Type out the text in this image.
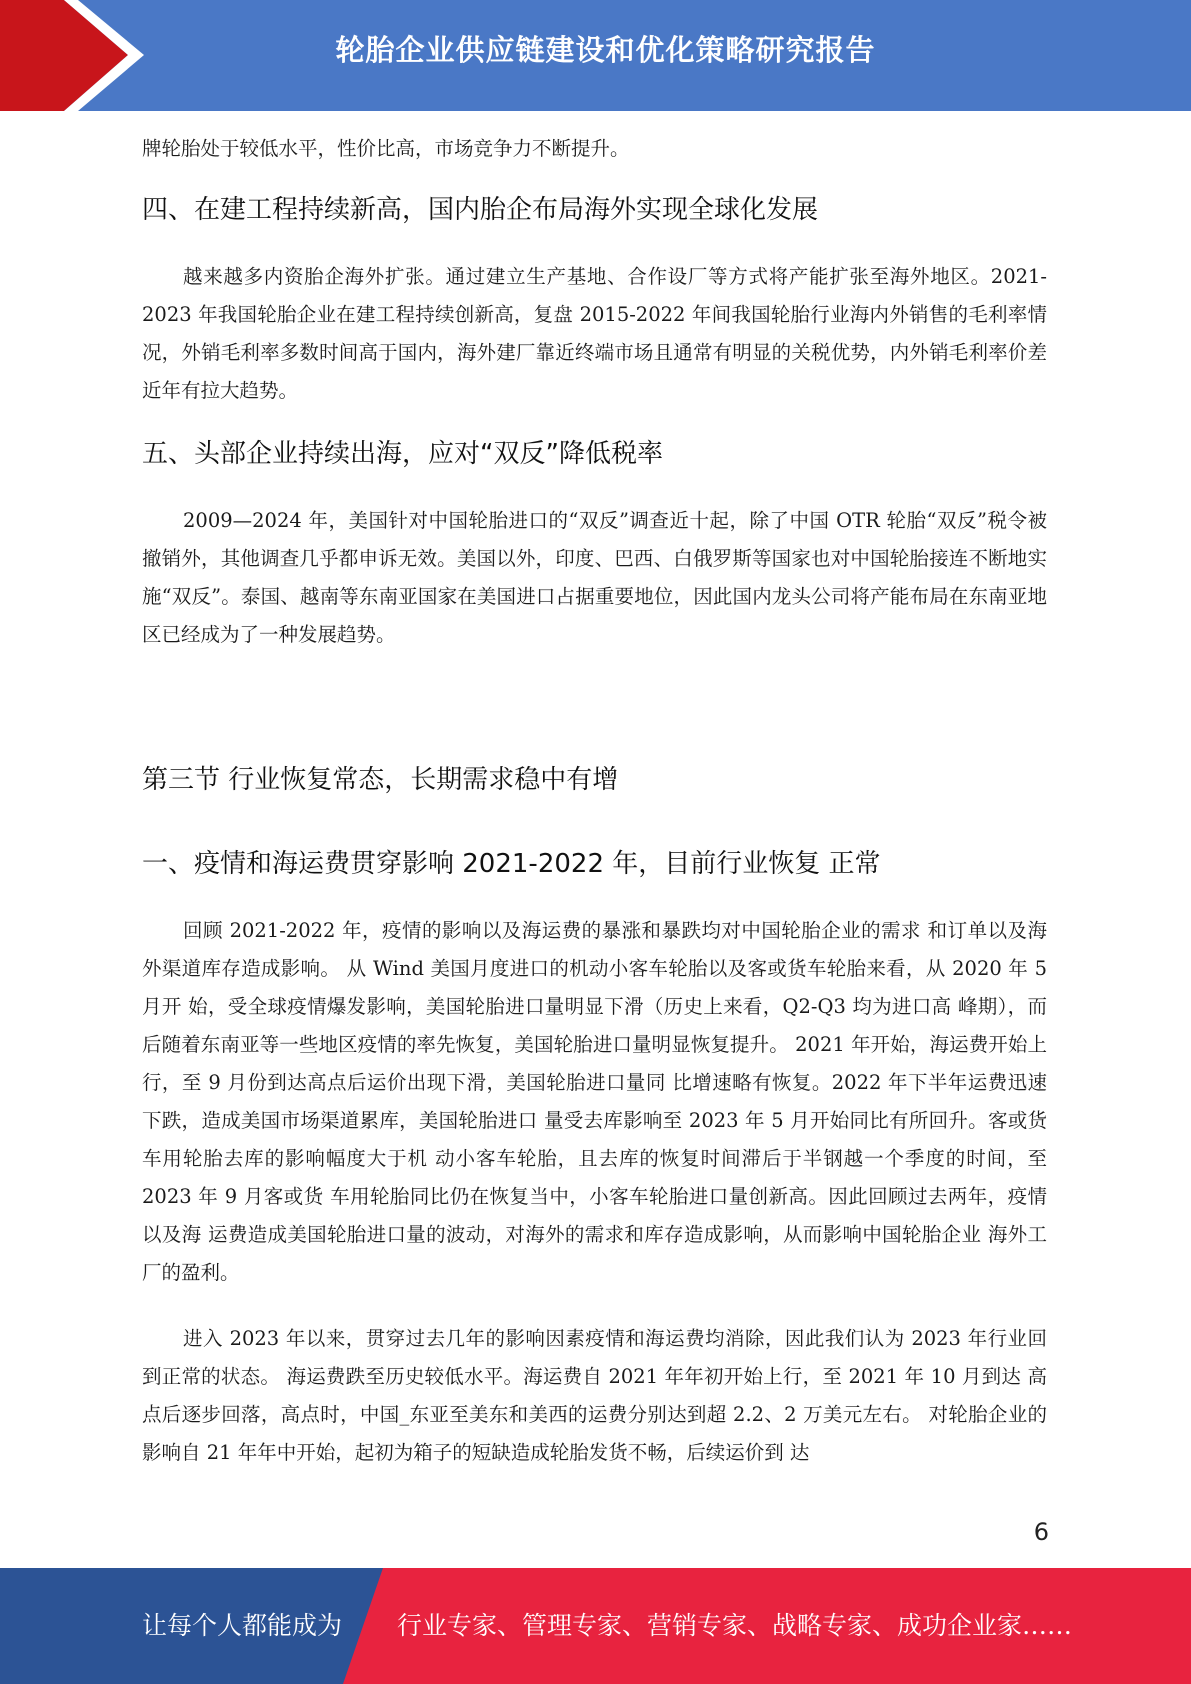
轮胎企业供应链建设和优化策略研究报告

牌轮胎处于较低水平，性价比高，市场竞争力不断提升。

四、在建工程持续新高，国内胎企布局海外实现全球化发展

越来越多内资胎企海外扩张。通过建立生产基地、合作设厂等方式将产能扩张至海外地区。2021-2023 年我国轮胎企业在建工程持续创新高，复盘 2015-2022 年间我国轮胎行业海内外销售的毛利率情况，外销毛利率多数时间高于国内，海外建厂靠近终端市场且通常有明显的关税优势，内外销毛利率价差近年有拉大趋势。

五、头部企业持续出海，应对“双反”降低税率

2009—2024 年，美国针对中国轮胎进口的“双反”调查近十起，除了中国 OTR 轮胎“双反”税令被撤销外，其他调查几乎都申诉无效。美国以外，印度、巴西、白俄罗斯等国家也对中国轮胎接连不断地实施“双反”。泰国、越南等东南亚国家在美国进口占据重要地位，因此国内龙头公司将产能布局在东南亚地区已经成为了一种发展趋势。

第三节 行业恢复常态，长期需求稳中有增
一、疫情和海运费贯穿影响 2021-2022 年，目前行业恢复 正常

回顾 2021-2022 年，疫情的影响以及海运费的暴涨和暴跌均对中国轮胎企业的需求 和订单以及海外渠道库存造成影响。 从 Wind 美国月度进口的机动小客车轮胎以及客或货车轮胎来看，从 2020 年 5 月开 始，受全球疫情爆发影响，美国轮胎进口量明显下滑（历史上来看，Q2-Q3 均为进口高 峰期），而后随着东南亚等一些地区疫情的率先恢复，美国轮胎进口量明显恢复提升。 2021 年开始，海运费开始上行，至 9 月份到达高点后运价出现下滑，美国轮胎进口量同 比增速略有恢复。2022 年下半年运费迅速下跌，造成美国市场渠道累库，美国轮胎进口 量受去库影响至 2023 年 5 月开始同比有所回升。客或货车用轮胎去库的影响幅度大于机 动小客车轮胎，且去库的恢复时间滞后于半钢越一个季度的时间，至 2023 年 9 月客或货 车用轮胎同比仍在恢复当中，小客车轮胎进口量创新高。因此回顾过去两年，疫情以及海 运费造成美国轮胎进口量的波动，对海外的需求和库存造成影响，从而影响中国轮胎企业 海外工厂的盈利。

进入 2023 年以来，贯穿过去几年的影响因素疫情和海运费均消除，因此我们认为 2023 年行业回到正常的状态。 海运费跌至历史较低水平。海运费自 2021 年年初开始上行，至 2021 年 10 月到达 高点后逐步回落，高点时，中国_东亚至美东和美西的运费分别达到超 2.2、2 万美元左右。 对轮胎企业的影响自 21 年年中开始，起初为箱子的短缺造成轮胎发货不畅，后续运价到 达

6
让每个人都能成为 行业专家、管理专家、营销专家、战略专家、成功企业家……
